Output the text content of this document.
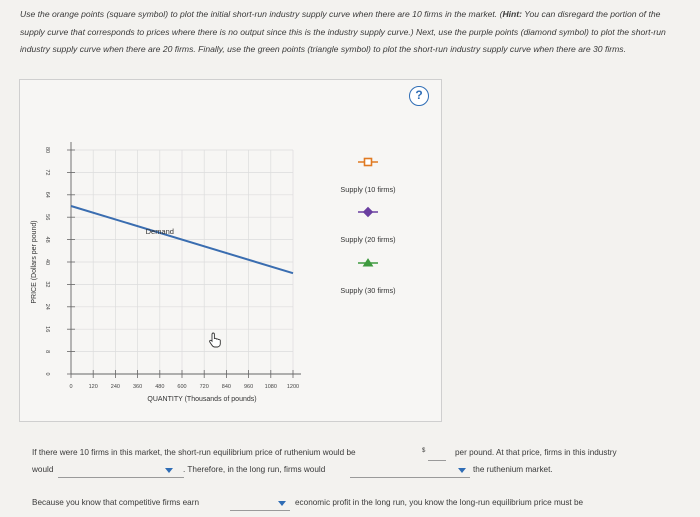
Use the orange points (square symbol) to plot the initial short-run industry supply curve when there are 10 firms in the market. (Hint: You can disregard the portion of the supply curve that corresponds to prices where there is no output since this is the industry supply curve.) Next, use the purple points (diamond symbol) to plot the short-run industry supply curve when there are 20 firms. Finally, use the green points (triangle symbol) to plot the short-run industry supply curve when there are 30 firms.
?
0	120 240 360 480 600 720 840 960 1080 1200
0
8
16
24
32
40
48
56
64
72
80
QUANTITY (Thousands of pounds)
PRICE (Dollars per pound)	Demand
Supply (10 firms)
Supply (20 firms)
Supply (30 firms)
If there were 10 firms in this market, the short-run equilibrium price of ruthenium would be	$	per pound. At that price, firms in this industry
would	. Therefore, in the long run, firms would	the ruthenium market.
Because you know that competitive firms earn	economic profit in the long run, you know the long-run equilibrium price must be
